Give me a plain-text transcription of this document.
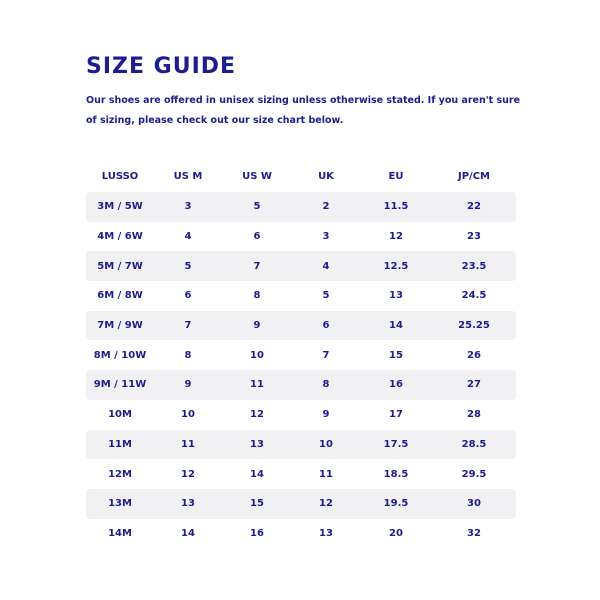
SIZE GUIDE

Our shoes are offered in unisex sizing unless otherwise stated. If you aren't sure of sizing, please check out our size chart below.

LUSSO	US M	US W	UK	EU	JP/CM
3M / 5W	3	5	2	11.5	22
4M / 6W	4	6	3	12	23
5M / 7W	5	7	4	12.5	23.5
6M / 8W	6	8	5	13	24.5
7M / 9W	7	9	6	14	25.25
8M / 10W	8	10	7	15	26
9M / 11W	9	11	8	16	27
10M	10	12	9	17	28
11M	11	13	10	17.5	28.5
12M	12	14	11	18.5	29.5
13M	13	15	12	19.5	30
14M	14	16	13	20	32
